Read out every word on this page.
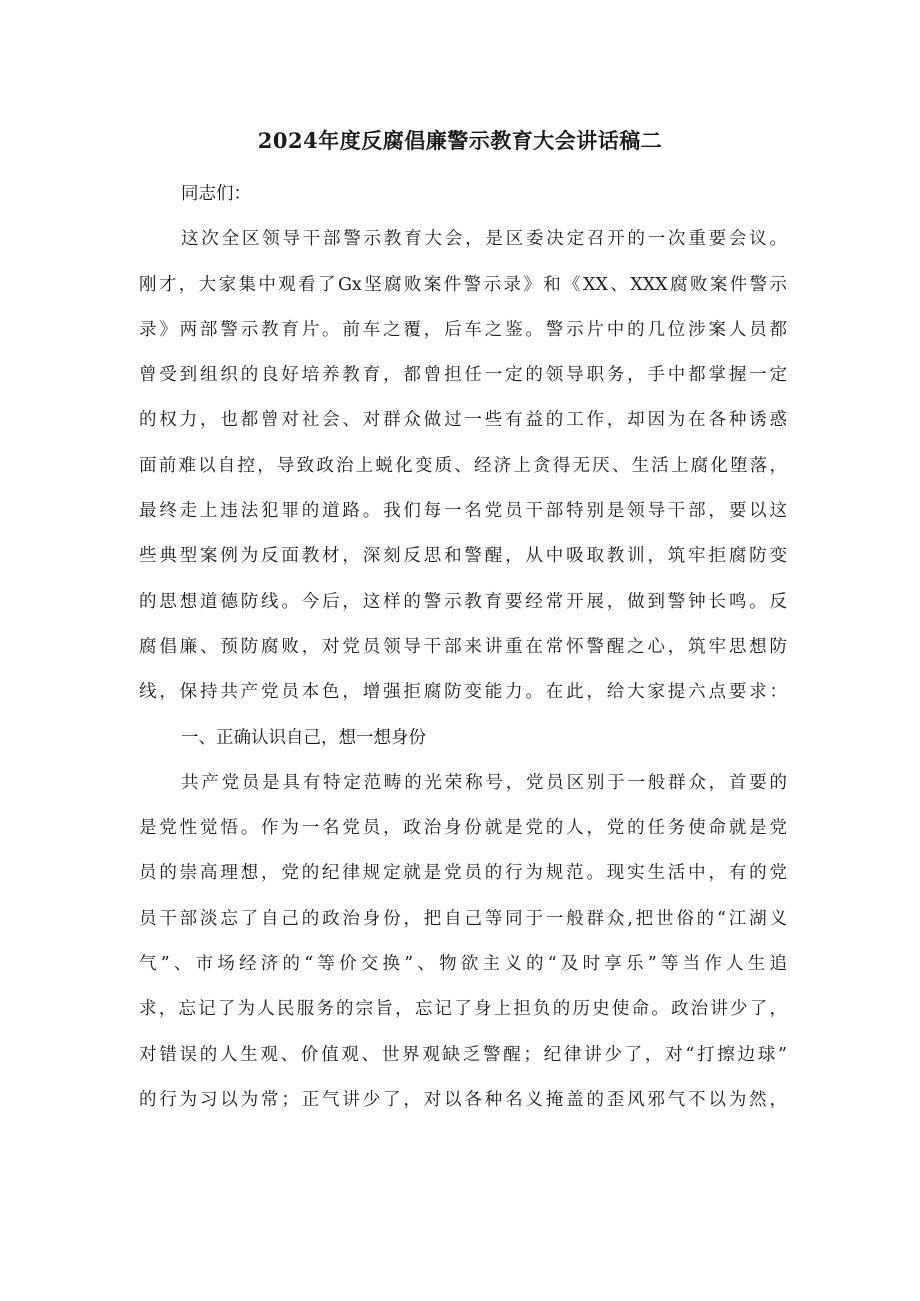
2024年度反腐倡廉警示教育大会讲话稿二
同志们：
这次全区领导干部警示教育大会，是区委决定召开的一次重要会议。
刚才，大家集中观看了Gx坚腐败案件警示录》和《XX、XXX腐败案件警示
录》两部警示教育片。前车之覆，后车之鉴。警示片中的几位涉案人员都
曾受到组织的良好培养教育，都曾担任一定的领导职务，手中都掌握一定
的权力，也都曾对社会、对群众做过一些有益的工作，却因为在各种诱惑
面前难以自控，导致政治上蜕化变质、经济上贪得无厌、生活上腐化堕落，
最终走上违法犯罪的道路。我们每一名党员干部特别是领导干部，要以这
些典型案例为反面教材，深刻反思和警醒，从中吸取教训，筑牢拒腐防变
的思想道德防线。今后，这样的警示教育要经常开展，做到警钟长鸣。反
腐倡廉、预防腐败，对党员领导干部来讲重在常怀警醒之心，筑牢思想防
线，保持共产党员本色，增强拒腐防变能力。在此，给大家提六点要求：
一、正确认识自己，想一想身份
共产党员是具有特定范畴的光荣称号，党员区别于一般群众，首要的
是党性觉悟。作为一名党员，政治身份就是党的人，党的任务使命就是党
员的崇高理想，党的纪律规定就是党员的行为规范。现实生活中，有的党
员干部淡忘了自己的政治身份，把自己等同于一般群众,把世俗的“江湖义
气”、市场经济的“等价交换”、物欲主义的“及时享乐”等当作人生追
求，忘记了为人民服务的宗旨，忘记了身上担负的历史使命。政治讲少了，
对错误的人生观、价值观、世界观缺乏警醒；纪律讲少了，对“打擦边球”
的行为习以为常；正气讲少了，对以各种名义掩盖的歪风邪气不以为然，
